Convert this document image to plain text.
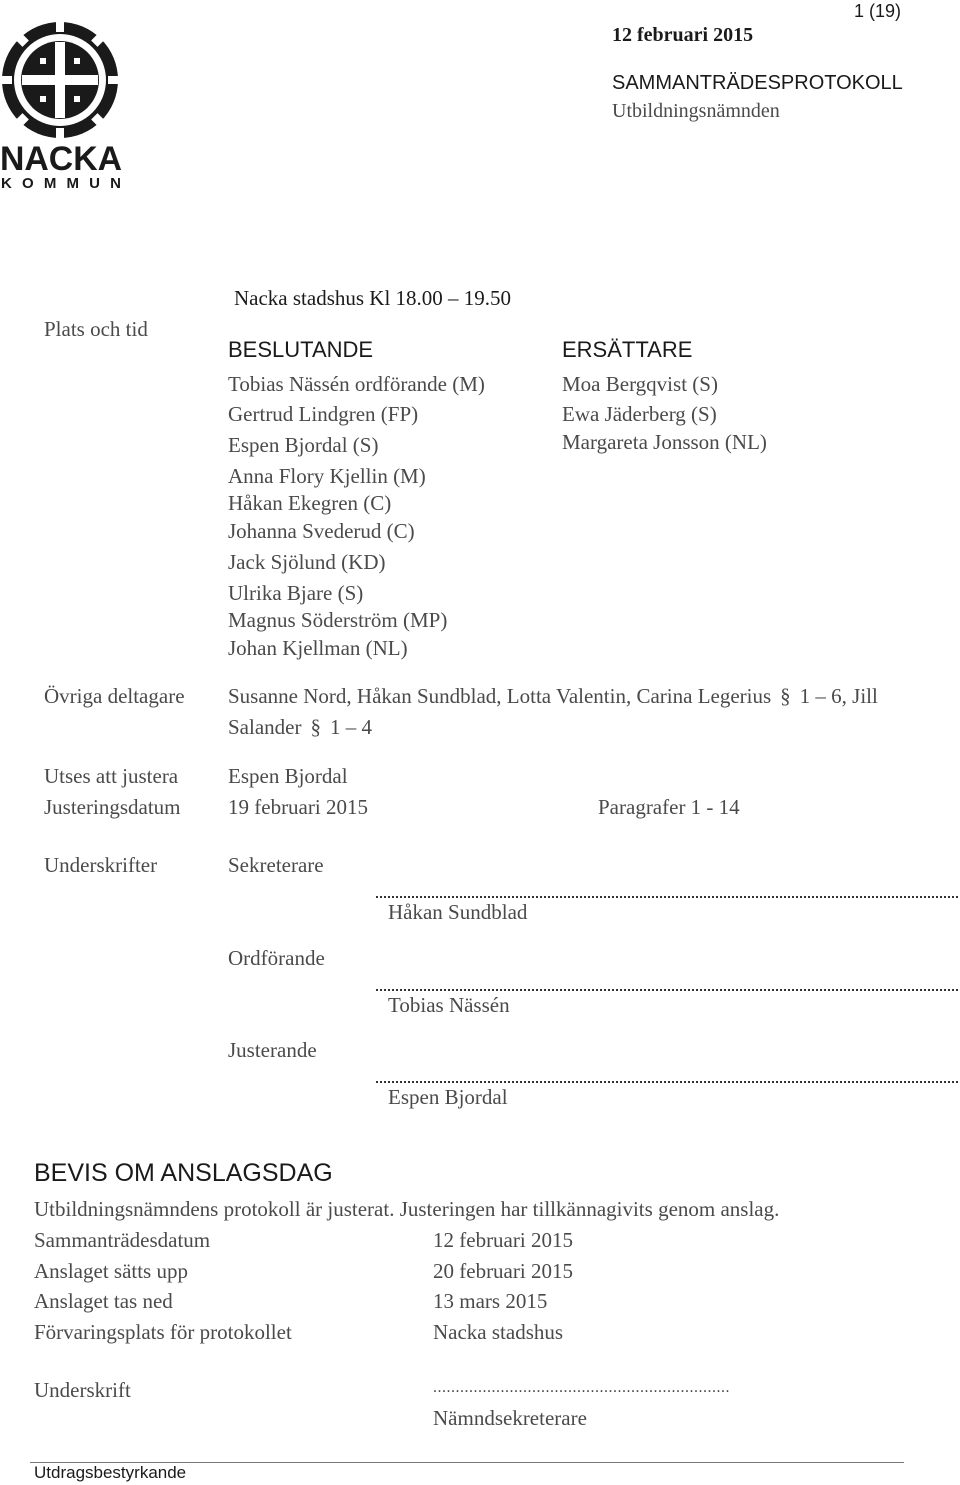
NACKA
KOMMUN
1 (19)
12 februari 2015
SAMMANTRÄDESPROTOKOLL
Utbildningsnämnden
Plats och tid
Nacka stadshus Kl 18.00 – 19.50
BESLUTANDE
Tobias Nässén ordförande (M)
Gertrud Lindgren (FP)
Espen Bjordal (S)
Anna Flory Kjellin (M)
Håkan Ekegren (C)
Johanna Svederud (C)
Jack Sjölund (KD)
Ulrika Bjare (S)
Magnus Söderström (MP)
Johan Kjellman (NL)
ERSÄTTARE
Moa Bergqvist (S)
Ewa Jäderberg (S)
Margareta Jonsson (NL)
Övriga deltagare Susanne Nord, Håkan Sundblad, Lotta Valentin, Carina Legerius § 1 – 6, Jill
Salander § 1 – 4
Utses att justera Espen Bjordal
Justeringsdatum 19 februari 2015	Paragrafer 1 - 14
Underskrifter	Sekreterare
Håkan Sundblad
Ordförande
Tobias Nässén
Justerande
Espen Bjordal
BEVIS OM ANSLAGSDAG
Utbildningsnämndens protokoll är justerat. Justeringen har tillkännagivits genom anslag.
Sammanträdesdatum	12 februari 2015
Anslaget sätts upp	20 februari 2015
Anslaget tas ned	13 mars 2015
Förvaringsplats för protokollet	Nacka stadshus
Underskrift	..................................................................
Nämndsekreterare
Utdragsbestyrkande
